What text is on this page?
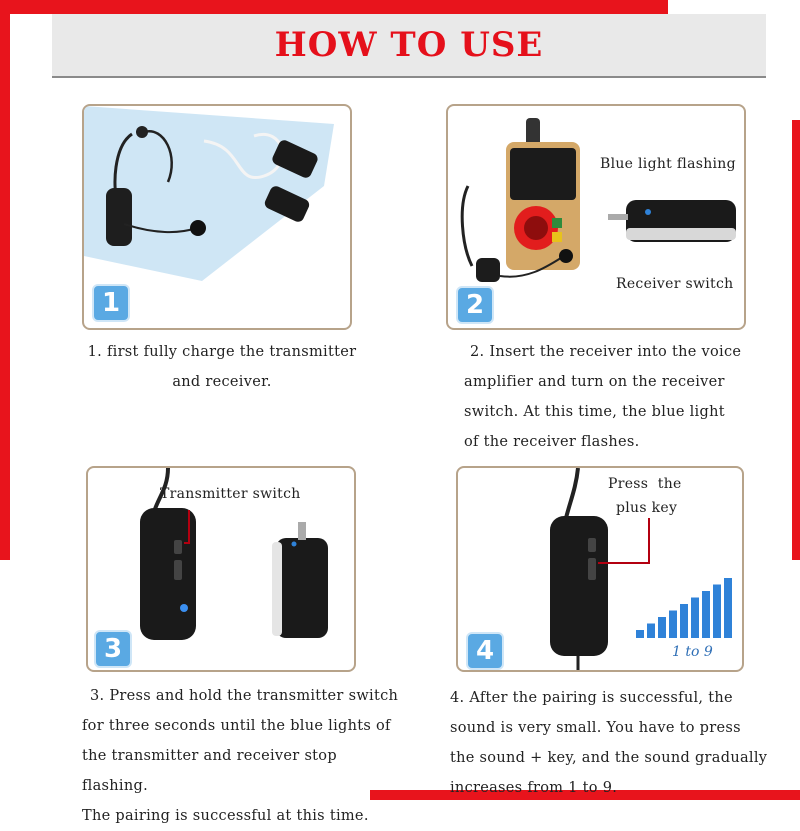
HOW TO USE
1
1. first fully charge the transmitter
and receiver.
2
Blue light flashing
Receiver switch
2. Insert the receiver into the voice
amplifier and turn on the receiver
switch. At this time, the blue light
of the receiver flashes.
3
Transmitter switch
3. Press and hold the transmitter switch
for three seconds until the blue lights of
the transmitter and receiver stop flashing.
The pairing is successful at this time.
4	1 to 9
Press  the
plus key
4. After the pairing is successful, the
sound is very small. You have to press
the sound + key, and the sound gradually
increases from 1 to 9.
